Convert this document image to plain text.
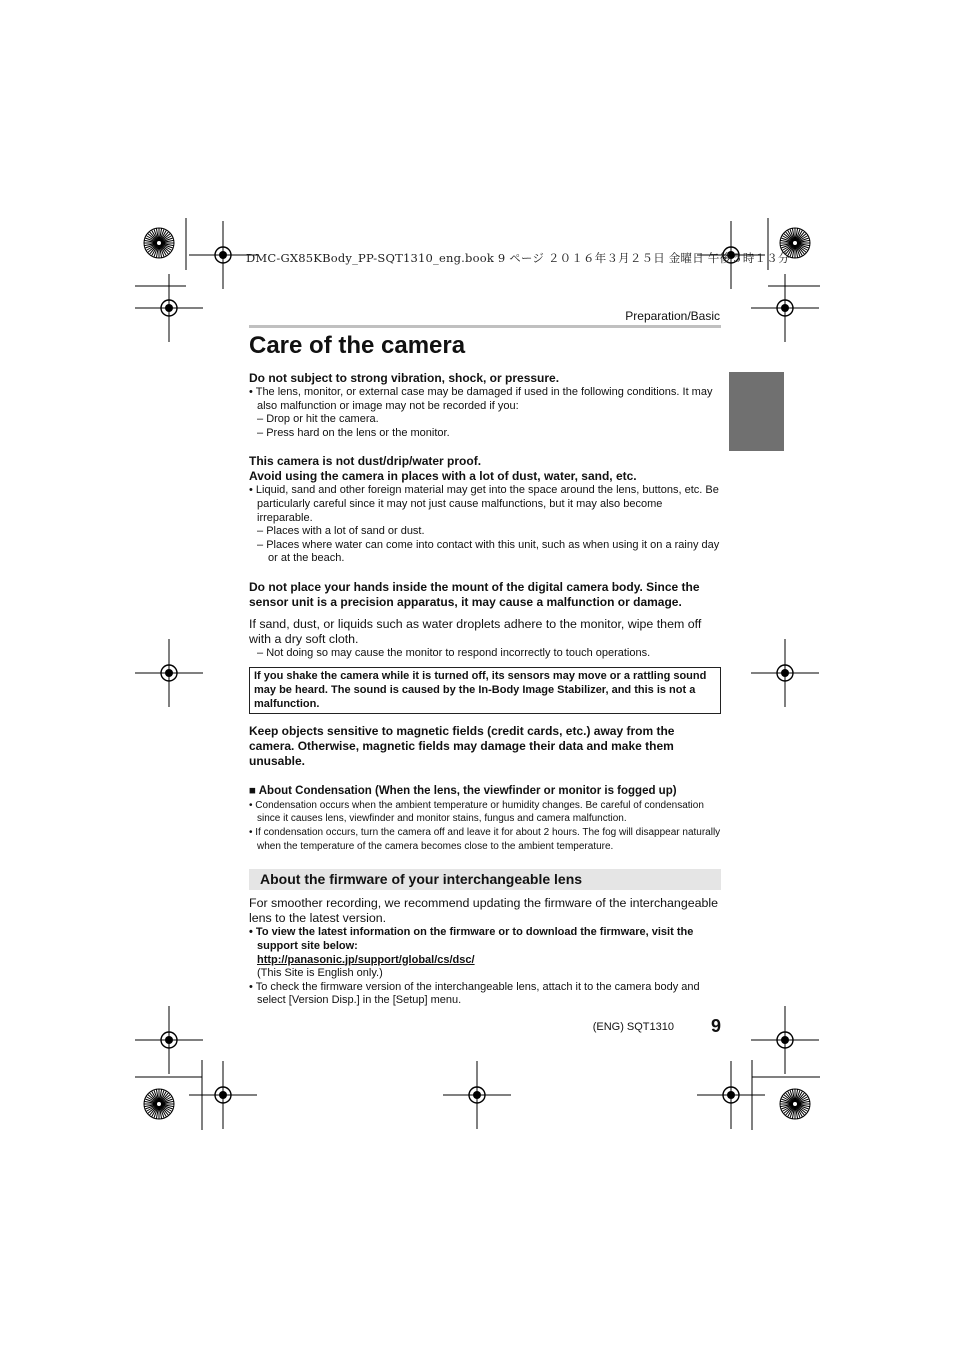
DMC-GX85KBody_PP-SQT1310_eng.book 9 ページ ２０１６年３月２５日 金曜日 午後５時１３分
Preparation/Basic
Care of the camera

Do not subject to strong vibration, shock, or pressure.

• The lens, monitor, or external case may be damaged if used in the following conditions. It may also malfunction or image may not be recorded if you:

– Drop or hit the camera.

– Press hard on the lens or the monitor.

This camera is not dust/drip/water proof.

Avoid using the camera in places with a lot of dust, water, sand, etc.

• Liquid, sand and other foreign material may get into the space around the lens, buttons, etc. Be particularly careful since it may not just cause malfunctions, but it may also become irreparable.

– Places with a lot of sand or dust.

– Places where water can come into contact with this unit, such as when using it on a rainy day or at the beach.

Do not place your hands inside the mount of the digital camera body. Since the sensor unit is a precision apparatus, it may cause a malfunction or damage.

If sand, dust, or liquids such as water droplets adhere to the monitor, wipe them off with a dry soft cloth.

– Not doing so may cause the monitor to respond incorrectly to touch operations.

If you shake the camera while it is turned off, its sensors may move or a rattling sound may be heard. The sound is caused by the In-Body Image Stabilizer, and this is not a malfunction.

Keep objects sensitive to magnetic fields (credit cards, etc.) away from the camera. Otherwise, magnetic fields may damage their data and make them unusable.

■ About Condensation (When the lens, the viewfinder or monitor is fogged up)

• Condensation occurs when the ambient temperature or humidity changes. Be careful of condensation since it causes lens, viewfinder and monitor stains, fungus and camera malfunction.

• If condensation occurs, turn the camera off and leave it for about 2 hours. The fog will disappear naturally when the temperature of the camera becomes close to the ambient temperature.

About the firmware of your interchangeable lens

For smoother recording, we recommend updating the firmware of the interchangeable lens to the latest version.

• To view the latest information on the firmware or to download the firmware, visit the support site below:

http://panasonic.jp/support/global/cs/dsc/

(This Site is English only.)

• To check the firmware version of the interchangeable lens, attach it to the camera body and select [Version Disp.] in the [Setup] menu.

(ENG) SQT1310	9
